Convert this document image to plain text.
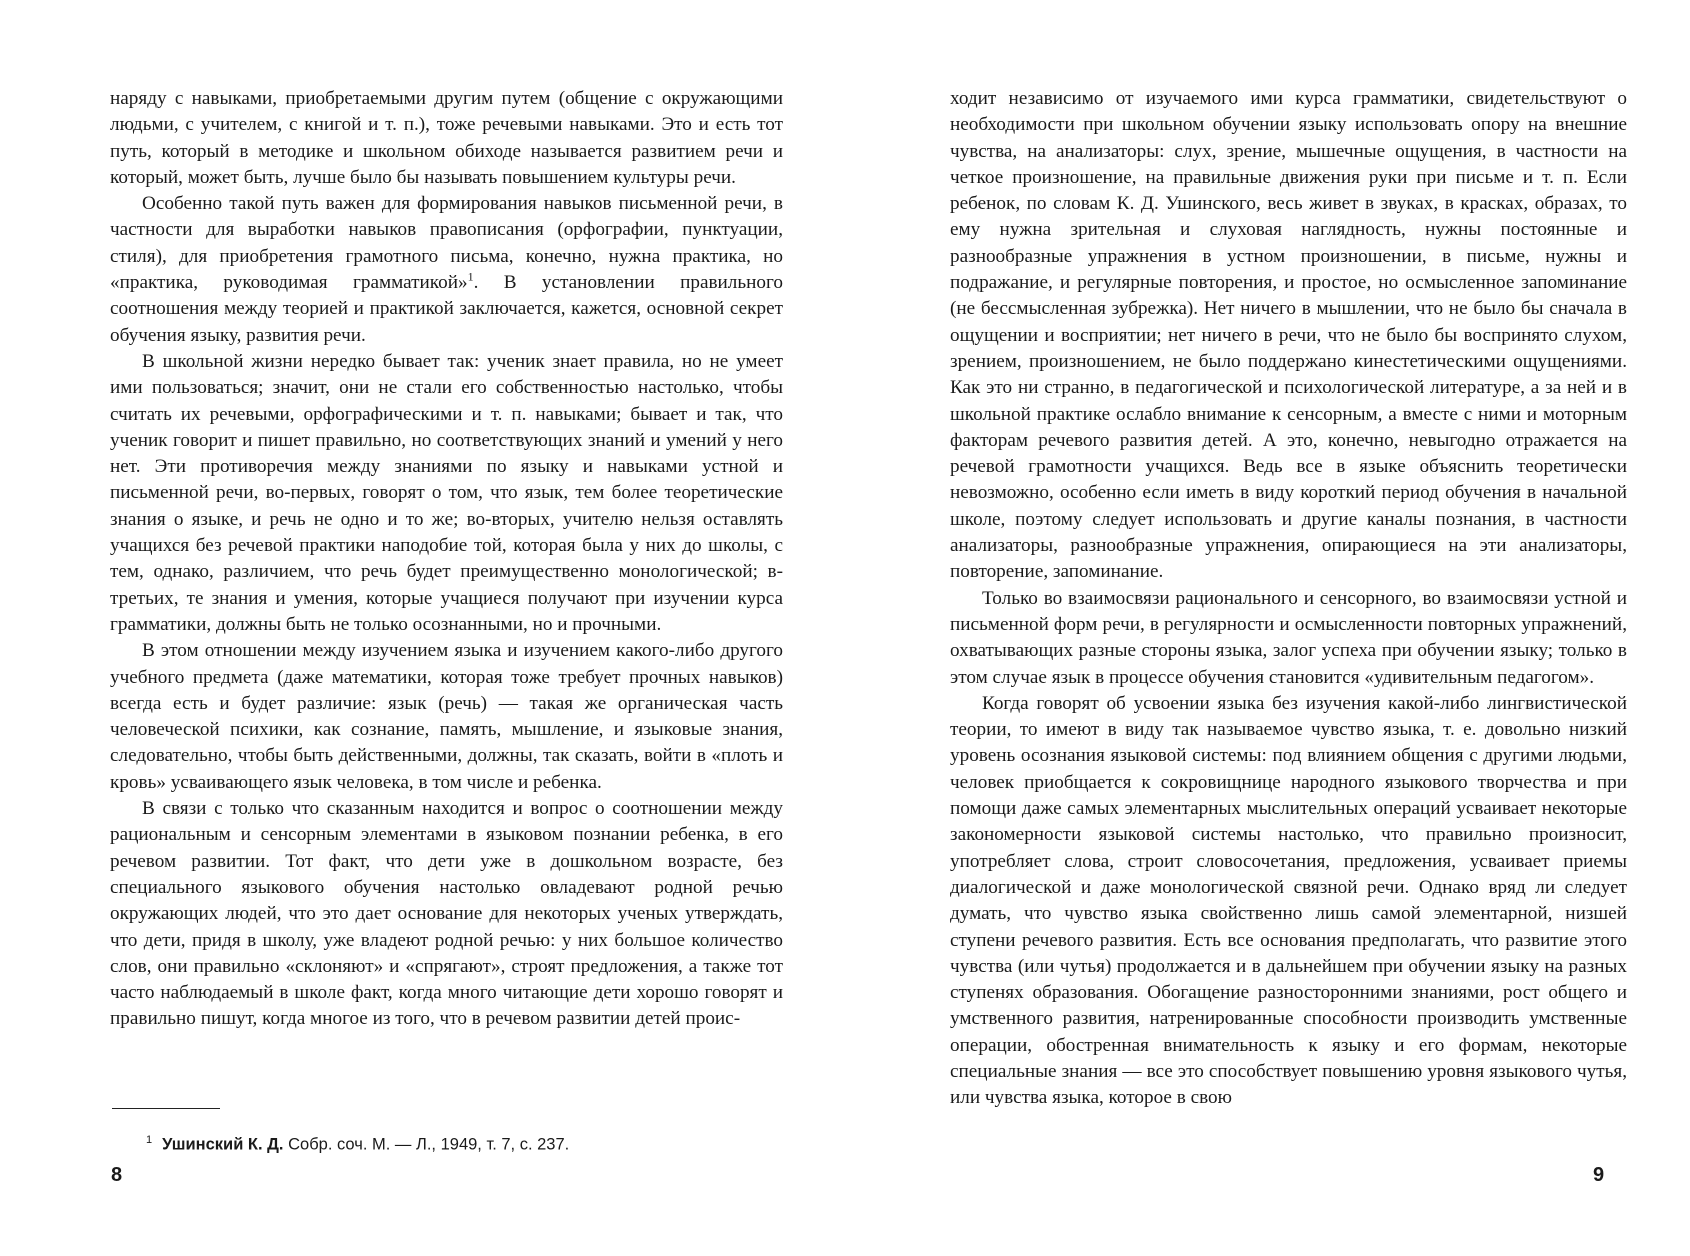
наряду с навыками, приобретаемыми другим путем (общение с окружающими людьми, с учителем, с книгой и т. п.), тоже речевыми навыками. Это и есть тот путь, который в методике и школьном обиходе называется развитием речи и который, может быть, лучше было бы называть повышением культуры речи.

Особенно такой путь важен для формирования навыков письменной речи, в частности для выработки навыков правописания (орфографии, пунктуации, стиля), для приобретения грамотного письма, конечно, нужна практика, но «практика, руководимая грамматикой»$^1$. В установлении правильного соотношения между теорией и практикой заключается, кажется, основной секрет обучения языку, развития речи.

В школьной жизни нередко бывает так: ученик знает правила, но не умеет ими пользоваться; значит, они не стали его собственностью настолько, чтобы считать их речевыми, орфографическими и т. п. навыками; бывает и так, что ученик говорит и пишет правильно, но соответствующих знаний и умений у него нет. Эти противоречия между знаниями по языку и навыками устной и письменной речи, во-первых, говорят о том, что язык, тем более теоретические знания о языке, и речь не одно и то же; во-вторых, учителю нельзя оставлять учащихся без речевой практики наподобие той, которая была у них до школы, с тем, однако, различием, что речь будет преимущественно монологической; в-третьих, те знания и умения, которые учащиеся получают при изучении курса грамматики, должны быть не только осознанными, но и прочными.

В этом отношении между изучением языка и изучением какого-либо другого учебного предмета (даже математики, которая тоже требует прочных навыков) всегда есть и будет различие: язык (речь) — такая же органическая часть человеческой психики, как сознание, память, мышление, и языковые знания, следовательно, чтобы быть действенными, должны, так сказать, войти в «плоть и кровь» усваивающего язык человека, в том числе и ребенка.

В связи с только что сказанным находится и вопрос о соотношении между рациональным и сенсорным элементами в языковом познании ребенка, в его речевом развитии. Тот факт, что дети уже в дошкольном возрасте, без специального языкового обучения настолько овладевают родной речью окружающих людей, что это дает основание для некоторых ученых утверждать, что дети, придя в школу, уже владеют родной речью: у них большое количество слов, они правильно «склоняют» и «спрягают», строят предложения, а также тот часто наблюдаемый в школе факт, когда много читающие дети хорошо говорят и правильно пишут, когда многое из того, что в речевом развитии детей проис-

$^1$ Ушинский К. Д. Собр. соч. М. — Л., 1949, т. 7, с. 237.
8

ходит независимо от изучаемого ими курса грамматики, свидетельствуют о необходимости при школьном обучении языку использовать опору на внешние чувства, на анализаторы: слух, зрение, мышечные ощущения, в частности на четкое произношение, на правильные движения руки при письме и т. п. Если ребенок, по словам К. Д. Ушинского, весь живет в звуках, в красках, образах, то ему нужна зрительная и слуховая наглядность, нужны постоянные и разнообразные упражнения в устном произношении, в письме, нужны и подражание, и регулярные повторения, и простое, но осмысленное запоминание (не бессмысленная зубрежка). Нет ничего в мышлении, что не было бы сначала в ощущении и восприятии; нет ничего в речи, что не было бы воспринято слухом, зрением, произношением, не было поддержано кинестетическими ощущениями. Как это ни странно, в педагогической и психологической литературе, а за ней и в школьной практике ослабло внимание к сенсорным, а вместе с ними и моторным факторам речевого развития детей. А это, конечно, невыгодно отражается на речевой грамотности учащихся. Ведь все в языке объяснить теоретически невозможно, особенно если иметь в виду короткий период обучения в начальной школе, поэтому следует использовать и другие каналы познания, в частности анализаторы, разнообразные упражнения, опирающиеся на эти анализаторы, повторение, запоминание.

Только во взаимосвязи рационального и сенсорного, во взаимосвязи устной и письменной форм речи, в регулярности и осмысленности повторных упражнений, охватывающих разные стороны языка, залог успеха при обучении языку; только в этом случае язык в процессе обучения становится «удивительным педагогом».

Когда говорят об усвоении языка без изучения какой-либо лингвистической теории, то имеют в виду так называемое чувство языка, т. е. довольно низкий уровень осознания языковой системы: под влиянием общения с другими людьми, человек приобщается к сокровищнице народного языкового творчества и при помощи даже самых элементарных мыслительных операций усваивает некоторые закономерности языковой системы настолько, что правильно произносит, употребляет слова, строит словосочетания, предложения, усваивает приемы диалогической и даже монологической связной речи. Однако вряд ли следует думать, что чувство языка свойственно лишь самой элементарной, низшей ступени речевого развития. Есть все основания предполагать, что развитие этого чувства (или чутья) продолжается и в дальнейшем при обучении языку на разных ступенях образования. Обогащение разносторонними знаниями, рост общего и умственного развития, натренированные способности производить умственные операции, обостренная внимательность к языку и его формам, некоторые специальные знания — все это способствует повышению уровня языкового чутья, или чувства языка, которое в свою

9
